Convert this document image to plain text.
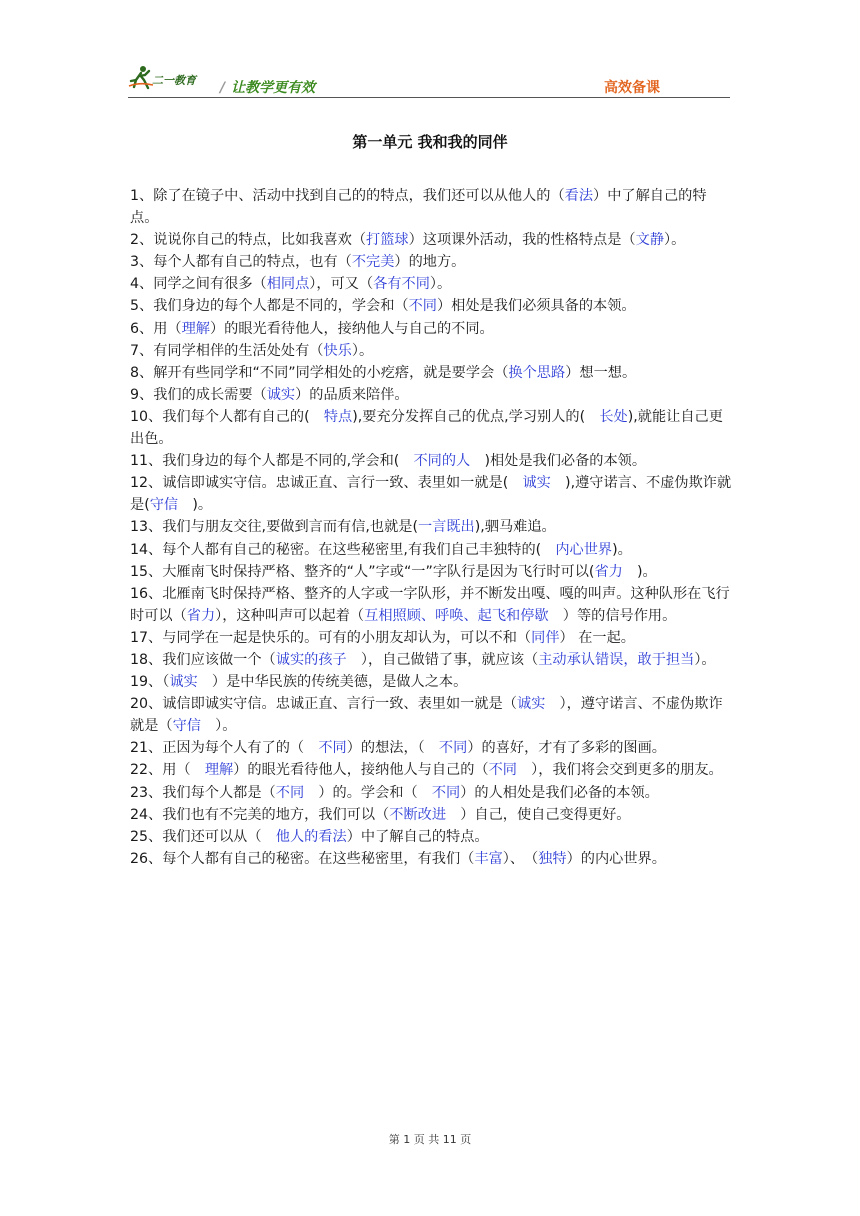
二一教育 / 让教学更有效	高效备课
第一单元 我和我的同伴

1、除了在镜子中、活动中找到自己的的特点，我们还可以从他人的（看法）中了解自己的特点。

2、说说你自己的特点，比如我喜欢（打篮球）这项课外活动，我的性格特点是（文静）。

3、每个人都有自己的特点，也有（不完美）的地方。

4、同学之间有很多（相同点），可又（各有不同）。

5、我们身边的每个人都是不同的，学会和（不同）相处是我们必须具备的本领。

6、用（理解）的眼光看待他人，接纳他人与自己的不同。

7、有同学相伴的生活处处有（快乐）。

8、解开有些同学和“不同”同学相处的小疙瘩，就是要学会（换个思路）想一想。

9、我们的成长需要（诚实）的品质来陪伴。

10、我们每个人都有自己的(　特点),要充分发挥自己的优点,学习别人的(　长处),就能让自己更出色。

11、我们身边的每个人都是不同的,学会和(　不同的人　)相处是我们必备的本领。

12、诚信即诚实守信。忠诚正直、言行一致、表里如一就是(　诚实　),遵守诺言、不虚伪欺诈就是(守信　)。

13、我们与朋友交往,要做到言而有信,也就是(一言既出),驷马难追。

14、每个人都有自己的秘密。在这些秘密里,有我们自己丰独特的(　内心世界)。

15、大雁南飞时保持严格、整齐的“人”字或“一”字队行是因为飞行时可以(省力　)。

16、北雁南飞时保持严格、整齐的人字或一字队形，并不断发出嘎、嘎的叫声。这种队形在飞行时可以（省力），这种叫声可以起着（互相照顾、呼唤、起飞和停歇　）等的信号作用。

17、与同学在一起是快乐的。可有的小朋友却认为，可以不和（同伴） 在一起。

18、我们应该做一个（诚实的孩子　），自己做错了事，就应该（主动承认错误，敢于担当）。

19、（诚实　）是中华民族的传统美德，是做人之本。

20、诚信即诚实守信。忠诚正直、言行一致、表里如一就是（诚实　），遵守诺言、不虚伪欺诈就是（守信　）。

21、正因为每个人有了的（　不同）的想法，（　不同）的喜好，才有了多彩的图画。

22、用（　理解）的眼光看待他人，接纳他人与自己的（不同　），我们将会交到更多的朋友。

23、我们每个人都是（不同　）的。学会和（　不同）的人相处是我们必备的本领。

24、我们也有不完美的地方，我们可以（不断改进　）自己，使自己变得更好。

25、我们还可以从（　他人的看法）中了解自己的特点。

26、每个人都有自己的秘密。在这些秘密里，有我们（丰富）、　（独特）的内心世界。

第 1 页 共 11 页
